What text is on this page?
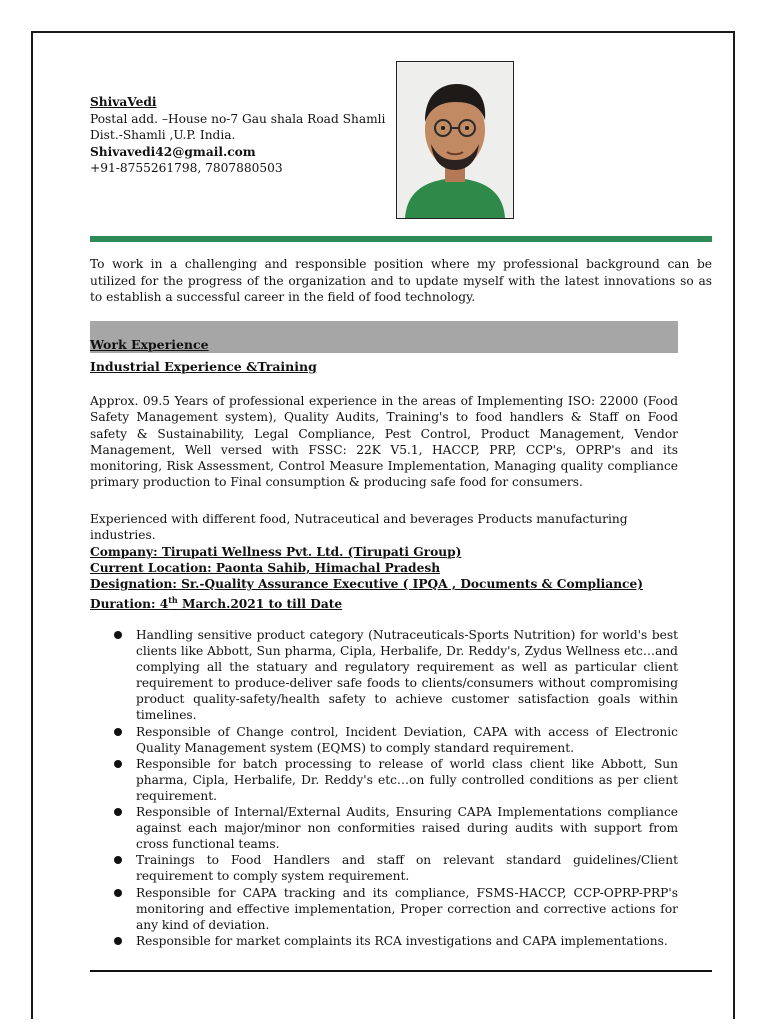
ShivaVedi
Postal add. –House no-7 Gau shala Road Shamli
Dist.-Shamli ,U.P. India.
Shivavedi42@gmail.com
+91-8755261798, 7807880503
To work in a challenging and responsible position where my professional background can be utilized for the progress of the organization and to update myself with the latest innovations so as to establish a successful career in the field of food technology.
Work Experience
Industrial Experience &Training
Approx. 09.5 Years of professional experience in the areas of Implementing ISO: 22000 (Food Safety Management system), Quality Audits, Training's to food handlers & Staff on Food safety & Sustainability, Legal Compliance, Pest Control, Product Management, Vendor Management, Well versed with FSSC: 22K V5.1, HACCP, PRP, CCP's, OPRP's and its monitoring, Risk Assessment, Control Measure Implementation, Managing quality compliance primary production to Final consumption & producing safe food for consumers.
Experienced with different food, Nutraceutical and beverages Products manufacturing industries.
Company: Tirupati Wellness Pvt. Ltd. (Tirupati Group)
Current Location: Paonta Sahib, Himachal Pradesh
Designation: Sr.-Quality Assurance Executive ( IPQA , Documents & Compliance)
Duration: 4th March.2021 to till Date
Handling sensitive product category (Nutraceuticals-Sports Nutrition) for world's best clients like Abbott, Sun pharma, Cipla, Herbalife, Dr. Reddy's, Zydus Wellness etc…and complying all the statuary and regulatory requirement as well as particular client requirement to produce-deliver safe foods to clients/consumers without compromising product quality-safety/health safety to achieve customer satisfaction goals within timelines.
Responsible of Change control, Incident Deviation, CAPA with access of Electronic Quality Management system (EQMS) to comply standard requirement.
Responsible for batch processing to release of world class client like Abbott, Sun pharma, Cipla, Herbalife, Dr. Reddy's etc…on fully controlled conditions as per client requirement.
Responsible of Internal/External Audits, Ensuring CAPA Implementations compliance against each major/minor non conformities raised during audits with support from cross functional teams.
Trainings to Food Handlers and staff on relevant standard guidelines/Client requirement to comply system requirement.
Responsible for CAPA tracking and its compliance, FSMS-HACCP, CCP-OPRP-PRP's monitoring and effective implementation, Proper correction and corrective actions for any kind of deviation.
Responsible for market complaints its RCA investigations and CAPA implementations.
